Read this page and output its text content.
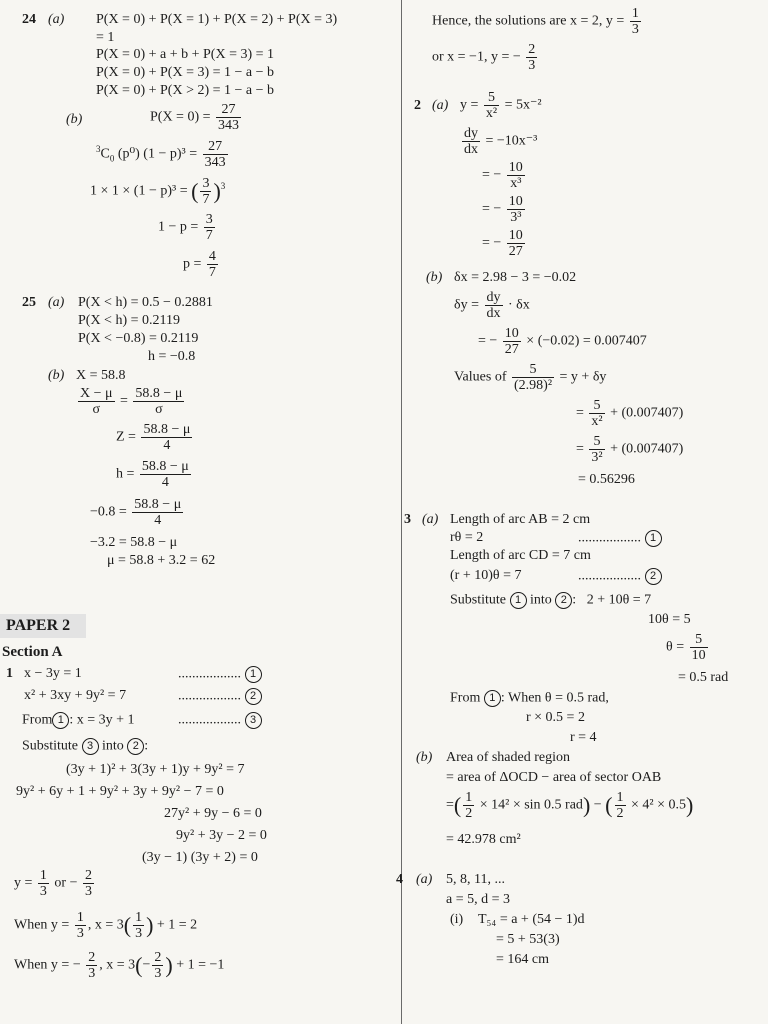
24 (a) P(X = 0) + P(X = 1) + P(X = 2) + P(X = 3)
= 1
P(X = 0) + a + b + P(X = 3) = 1
P(X = 0) + P(X = 3) = 1 − a − b
P(X = 0) + P(X > 2) = 1 − a − b
(b)	$P(X = 0) = \frac{27}{343}$
$^3C_0$ (p⁰) $(1 - p)^3 = \frac{27}{343}$
1 × 1 × (1 − p)³ = ( $\frac{3}{7} )^3$
$1 - p = \frac{3}{7}$
$p = \frac{4}{7}$
25 (a) P(X < h) = 0.5 − 0.2881
P(X < h) = 0.2119
P(X < −0.8) = 0.2119
h = −0.8
(b) X = 58.8
$\frac{X - \mu}{\sigma} = \frac{58.8 - \mu}{\sigma}$
$Z = \frac{58.8 - \mu}{4}$
$h = \frac{58.8 - \mu}{4}$
$-0.8 = \frac{58.8 - \mu}{4}$
−3.2 = 58.8 − μ
μ = 58.8 + 3.2 = 62
PAPER 2
Section A
1 x − 3y = 1	.................. 1
x² + 3xy + 9y² = 7	.................. 2
From 1 : x = 3y + 1	.................. 3
Substitute 3 into 2 :
(3y + 1)² + 3(3y + 1)y + 9y² = 7
9y² + 6y + 1 + 9y² + 3y + 9y² − 7 = 0
27y² + 9y − 6 = 0
9y² + 3y − 2 = 0
(3y − 1) (3y + 2) = 0
$y = \frac{1}{3}$ or − $\frac{2}{3}$
When $y = \frac{1}{3}$ , $x = 3( \frac{1}{3}$ ) + 1 = 2
When y = − $\frac{2}{3}$ , $x = 3(- \frac{2}{3}$ ) + 1 = −1
Hence, the solutions are x = 2, $y = \frac{1}{3}$
or x = −1, y = − $\frac{2}{3}$
2 (a) $y = \frac{5}{\text{x²}} = 5x^{-2}$
$\frac{dy}{dx} = -10x^{-3}$
= − $\frac{10}{\text{x³}}$
= − $\frac{10}{\text{3³}}$
= − $\frac{10}{27}$
(b) δx = 2.98 − 3 = −0.02
$\delta y = \frac{dy}{dx} \cdot \delta x$
= − $\frac{10}{27} \times (-0.02) = 0.007407$
Values of $\frac{5}{\text{(2.98)²}} = y + \delta y$
= $\frac{5}{\text{x²}} + (0.007407)$
= $\frac{5}{\text{3²}} + (0.007407)$
= 0.56296
3 (a) Length of arc AB = 2 cm
rθ = 2	.................. 1
Length of arc CD = 7 cm
(r + 10)θ = 7	.................. 2
Substitute 1 into 2 : 2 + 10θ = 7
10θ = 5
$\theta = \frac{5}{10}$
= 0.5 rad
From 1 : When θ = 0.5 rad,
r × 0.5 = 2
r = 4
(b) Area of shaded region
= area of ΔOCD − area of sector OAB
=( $\frac{1}{2} \times 14^2 \times \sin 0.5$ rad) − ( $\frac{1}{2} \times 4^2 \times 0.5$)
= 42.978 cm²
4 (a) 5, 8, 11, ...
a = 5, d = 3
(i) T₅₄ = a + (54 − 1)d
= 5 + 53(3)
= 164 cm
